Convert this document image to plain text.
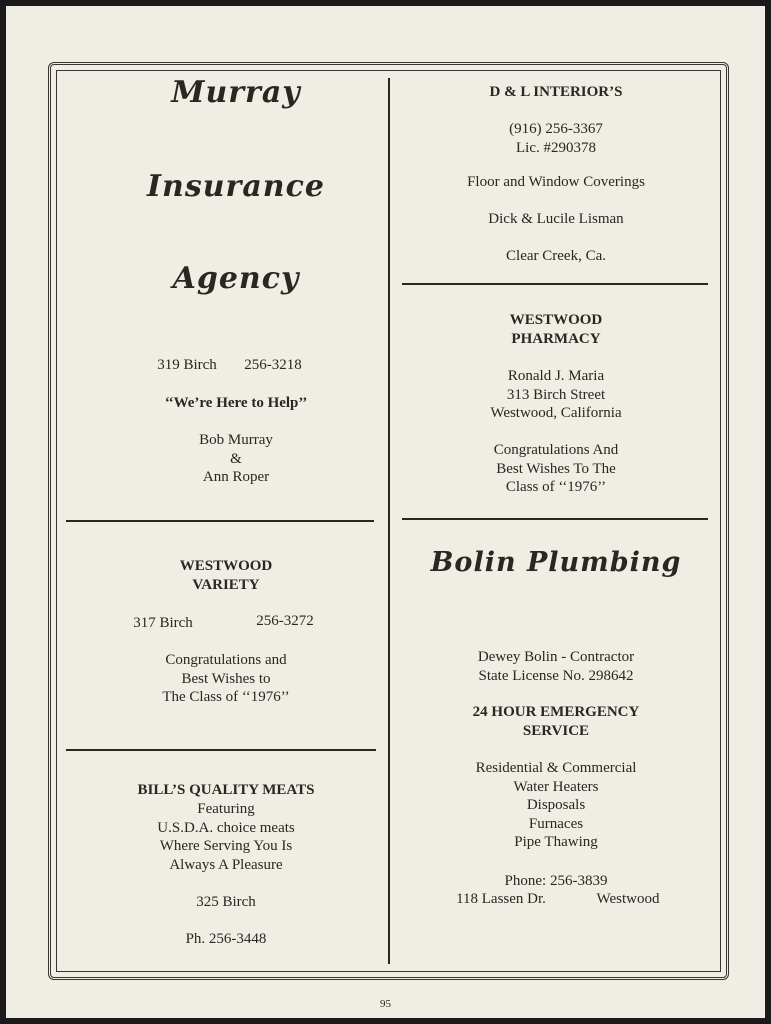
Murray
Insurance
Agency
319 Birch	256-3218
‘‘We’re Here to Help’’
Bob Murray
&
Ann Roper
D & L INTERIOR’S
(916) 256-3367
Lic. #290378
Floor and Window Coverings
Dick & Lucile Lisman
Clear Creek, Ca.
WESTWOOD
PHARMACY
Ronald J. Maria
313 Birch Street
Westwood, California
Congratulations And
Best Wishes To The
Class of ‘‘1976’’
WESTWOOD
VARIETY
317 Birch	256-3272
Congratulations and
Best Wishes to
The Class of ‘‘1976’’
Bolin Plumbing
Dewey Bolin - Contractor
State License No. 298642
24 HOUR EMERGENCY
SERVICE
Residential & Commercial
Water Heaters
Disposals
Furnaces
Pipe Thawing
Phone: 256-3839
118 Lassen Dr.	Westwood
BILL’S QUALITY MEATS
Featuring
U.S.D.A. choice meats
Where Serving You Is
Always A Pleasure
325 Birch
Ph. 256-3448
95
